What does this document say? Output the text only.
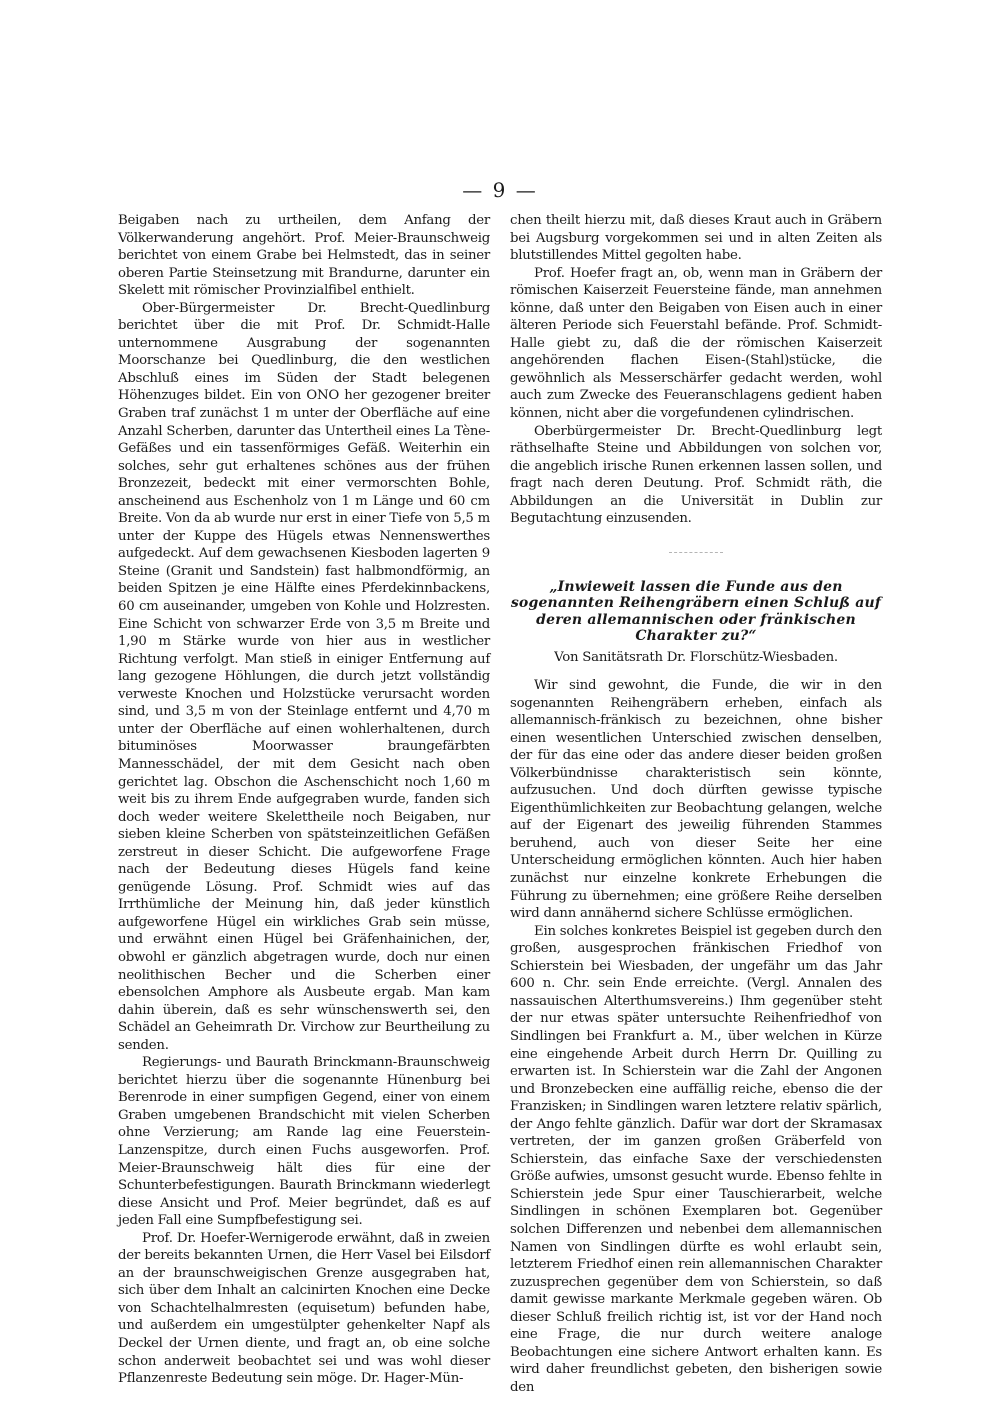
— 9 —

Beigaben nach zu urtheilen, dem Anfang der Völkerwanderung angehört. Prof. Meier-Braunschweig berichtet von einem Grabe bei Helmstedt, das in seiner oberen Partie Steinsetzung mit Brandurne, darunter ein Skelett mit römischer Provinzialfibel enthielt.

Ober-Bürgermeister Dr. Brecht-Quedlinburg berichtet über die mit Prof. Dr. Schmidt-Halle unternommene Ausgrabung der sogenannten Moorschanze bei Quedlinburg, die den westlichen Abschluß eines im Süden der Stadt belegenen Höhenzuges bildet. Ein von ONO her gezogener breiter Graben traf zunächst 1 m unter der Oberfläche auf eine Anzahl Scherben, darunter das Untertheil eines La Tène-Gefäßes und ein tassenförmiges Gefäß. Weiterhin ein solches, sehr gut erhaltenes schönes aus der frühen Bronzezeit, bedeckt mit einer vermorschten Bohle, anscheinend aus Eschenholz von 1 m Länge und 60 cm Breite. Von da ab wurde nur erst in einer Tiefe von 5,5 m unter der Kuppe des Hügels etwas Nennenswerthes aufgedeckt. Auf dem gewachsenen Kiesboden lagerten 9 Steine (Granit und Sandstein) fast halbmondförmig, an beiden Spitzen je eine Hälfte eines Pferdekinnbackens, 60 cm auseinander, umgeben von Kohle und Holzresten. Eine Schicht von schwarzer Erde von 3,5 m Breite und 1,90 m Stärke wurde von hier aus in westlicher Richtung verfolgt. Man stieß in einiger Entfernung auf lang gezogene Höhlungen, die durch jetzt vollständig verweste Knochen und Holzstücke verursacht worden sind, und 3,5 m von der Steinlage entfernt und 4,70 m unter der Oberfläche auf einen wohlerhaltenen, durch bituminöses Moorwasser braungefärbten Mannesschädel, der mit dem Gesicht nach oben gerichtet lag. Obschon die Aschenschicht noch 1,60 m weit bis zu ihrem Ende aufgegraben wurde, fanden sich doch weder weitere Skelettheile noch Beigaben, nur sieben kleine Scherben von spätsteinzeitlichen Gefäßen zerstreut in dieser Schicht. Die aufgeworfene Frage nach der Bedeutung dieses Hügels fand keine genügende Lösung. Prof. Schmidt wies auf das Irrthümliche der Meinung hin, daß jeder künstlich aufgeworfene Hügel ein wirkliches Grab sein müsse, und erwähnt einen Hügel bei Gräfenhainichen, der, obwohl er gänzlich abgetragen wurde, doch nur einen neolithischen Becher und die Scherben einer ebensolchen Amphore als Ausbeute ergab. Man kam dahin überein, daß es sehr wünschenswerth sei, den Schädel an Geheimrath Dr. Virchow zur Beurtheilung zu senden.

Regierungs- und Baurath Brinckmann-Braunschweig berichtet hierzu über die sogenannte Hünenburg bei Berenrode in einer sumpfigen Gegend, einer von einem Graben umgebenen Brandschicht mit vielen Scherben ohne Verzierung; am Rande lag eine Feuerstein-Lanzenspitze, durch einen Fuchs ausgeworfen. Prof. Meier-Braunschweig hält dies für eine der Schunterbefestigungen. Baurath Brinckmann wiederlegt diese Ansicht und Prof. Meier begründet, daß es auf jeden Fall eine Sumpfbefestigung sei.

Prof. Dr. Hoefer-Wernigerode erwähnt, daß in zweien der bereits bekannten Urnen, die Herr Vasel bei Eilsdorf an der braunschweigischen Grenze ausgegraben hat, sich über dem Inhalt an calcinirten Knochen eine Decke von Schachtelhalmresten (equisetum) befunden habe, und außerdem ein umgestülpter gehenkelter Napf als Deckel der Urnen diente, und fragt an, ob eine solche schon anderweit beobachtet sei und was wohl dieser Pflanzenreste Bedeutung sein möge. Dr. Hager-Mün-

chen theilt hierzu mit, daß dieses Kraut auch in Gräbern bei Augsburg vorgekommen sei und in alten Zeiten als blutstillendes Mittel gegolten habe.

Prof. Hoefer fragt an, ob, wenn man in Gräbern der römischen Kaiserzeit Feuersteine fände, man annehmen könne, daß unter den Beigaben von Eisen auch in einer älteren Periode sich Feuerstahl befände. Prof. Schmidt-Halle giebt zu, daß die der römischen Kaiserzeit angehörenden flachen Eisen-(Stahl)stücke, die gewöhnlich als Messerschärfer gedacht werden, wohl auch zum Zwecke des Feueranschlagens gedient haben können, nicht aber die vorgefundenen cylindrischen.

Oberbürgermeister Dr. Brecht-Quedlinburg legt räthselhafte Steine und Abbildungen von solchen vor, die angeblich irische Runen erkennen lassen sollen, und fragt nach deren Deutung. Prof. Schmidt räth, die Abbildungen an die Universität in Dublin zur Begutachtung einzusenden.

„Inwieweit lassen die Funde aus den sogenannten Reihengräbern einen Schluß auf deren allemannischen oder fränkischen Charakter zu?“

Von Sanitätsrath Dr. Florschütz-Wiesbaden.

Wir sind gewohnt, die Funde, die wir in den sogenannten Reihengräbern erheben, einfach als allemannisch-fränkisch zu bezeichnen, ohne bisher einen wesentlichen Unterschied zwischen denselben, der für das eine oder das andere dieser beiden großen Völkerbündnisse charakteristisch sein könnte, aufzusuchen. Und doch dürften gewisse typische Eigenthümlichkeiten zur Beobachtung gelangen, welche auf der Eigenart des jeweilig führenden Stammes beruhend, auch von dieser Seite her eine Unterscheidung ermöglichen könnten. Auch hier haben zunächst nur einzelne konkrete Erhebungen die Führung zu übernehmen; eine größere Reihe derselben wird dann annähernd sichere Schlüsse ermöglichen.

Ein solches konkretes Beispiel ist gegeben durch den großen, ausgesprochen fränkischen Friedhof von Schierstein bei Wiesbaden, der ungefähr um das Jahr 600 n. Chr. sein Ende erreichte. (Vergl. Annalen des nassauischen Alterthumsvereins.) Ihm gegenüber steht der nur etwas später untersuchte Reihenfriedhof von Sindlingen bei Frankfurt a. M., über welchen in Kürze eine eingehende Arbeit durch Herrn Dr. Quilling zu erwarten ist. In Schierstein war die Zahl der Angonen und Bronzebecken eine auffällig reiche, ebenso die der Franzisken; in Sindlingen waren letztere relativ spärlich, der Ango fehlte gänzlich. Dafür war dort der Skramasax vertreten, der im ganzen großen Gräberfeld von Schierstein, das einfache Saxe der verschiedensten Größe aufwies, umsonst gesucht wurde. Ebenso fehlte in Schierstein jede Spur einer Tauschierarbeit, welche Sindlingen in schönen Exemplaren bot. Gegenüber solchen Differenzen und nebenbei dem allemannischen Namen von Sindlingen dürfte es wohl erlaubt sein, letzterem Friedhof einen rein allemannischen Charakter zuzusprechen gegenüber dem von Schierstein, so daß damit gewisse markante Merkmale gegeben wären. Ob dieser Schluß freilich richtig ist, ist vor der Hand noch eine Frage, die nur durch weitere analoge Beobachtungen eine sichere Antwort erhalten kann. Es wird daher freundlichst gebeten, den bisherigen sowie den
